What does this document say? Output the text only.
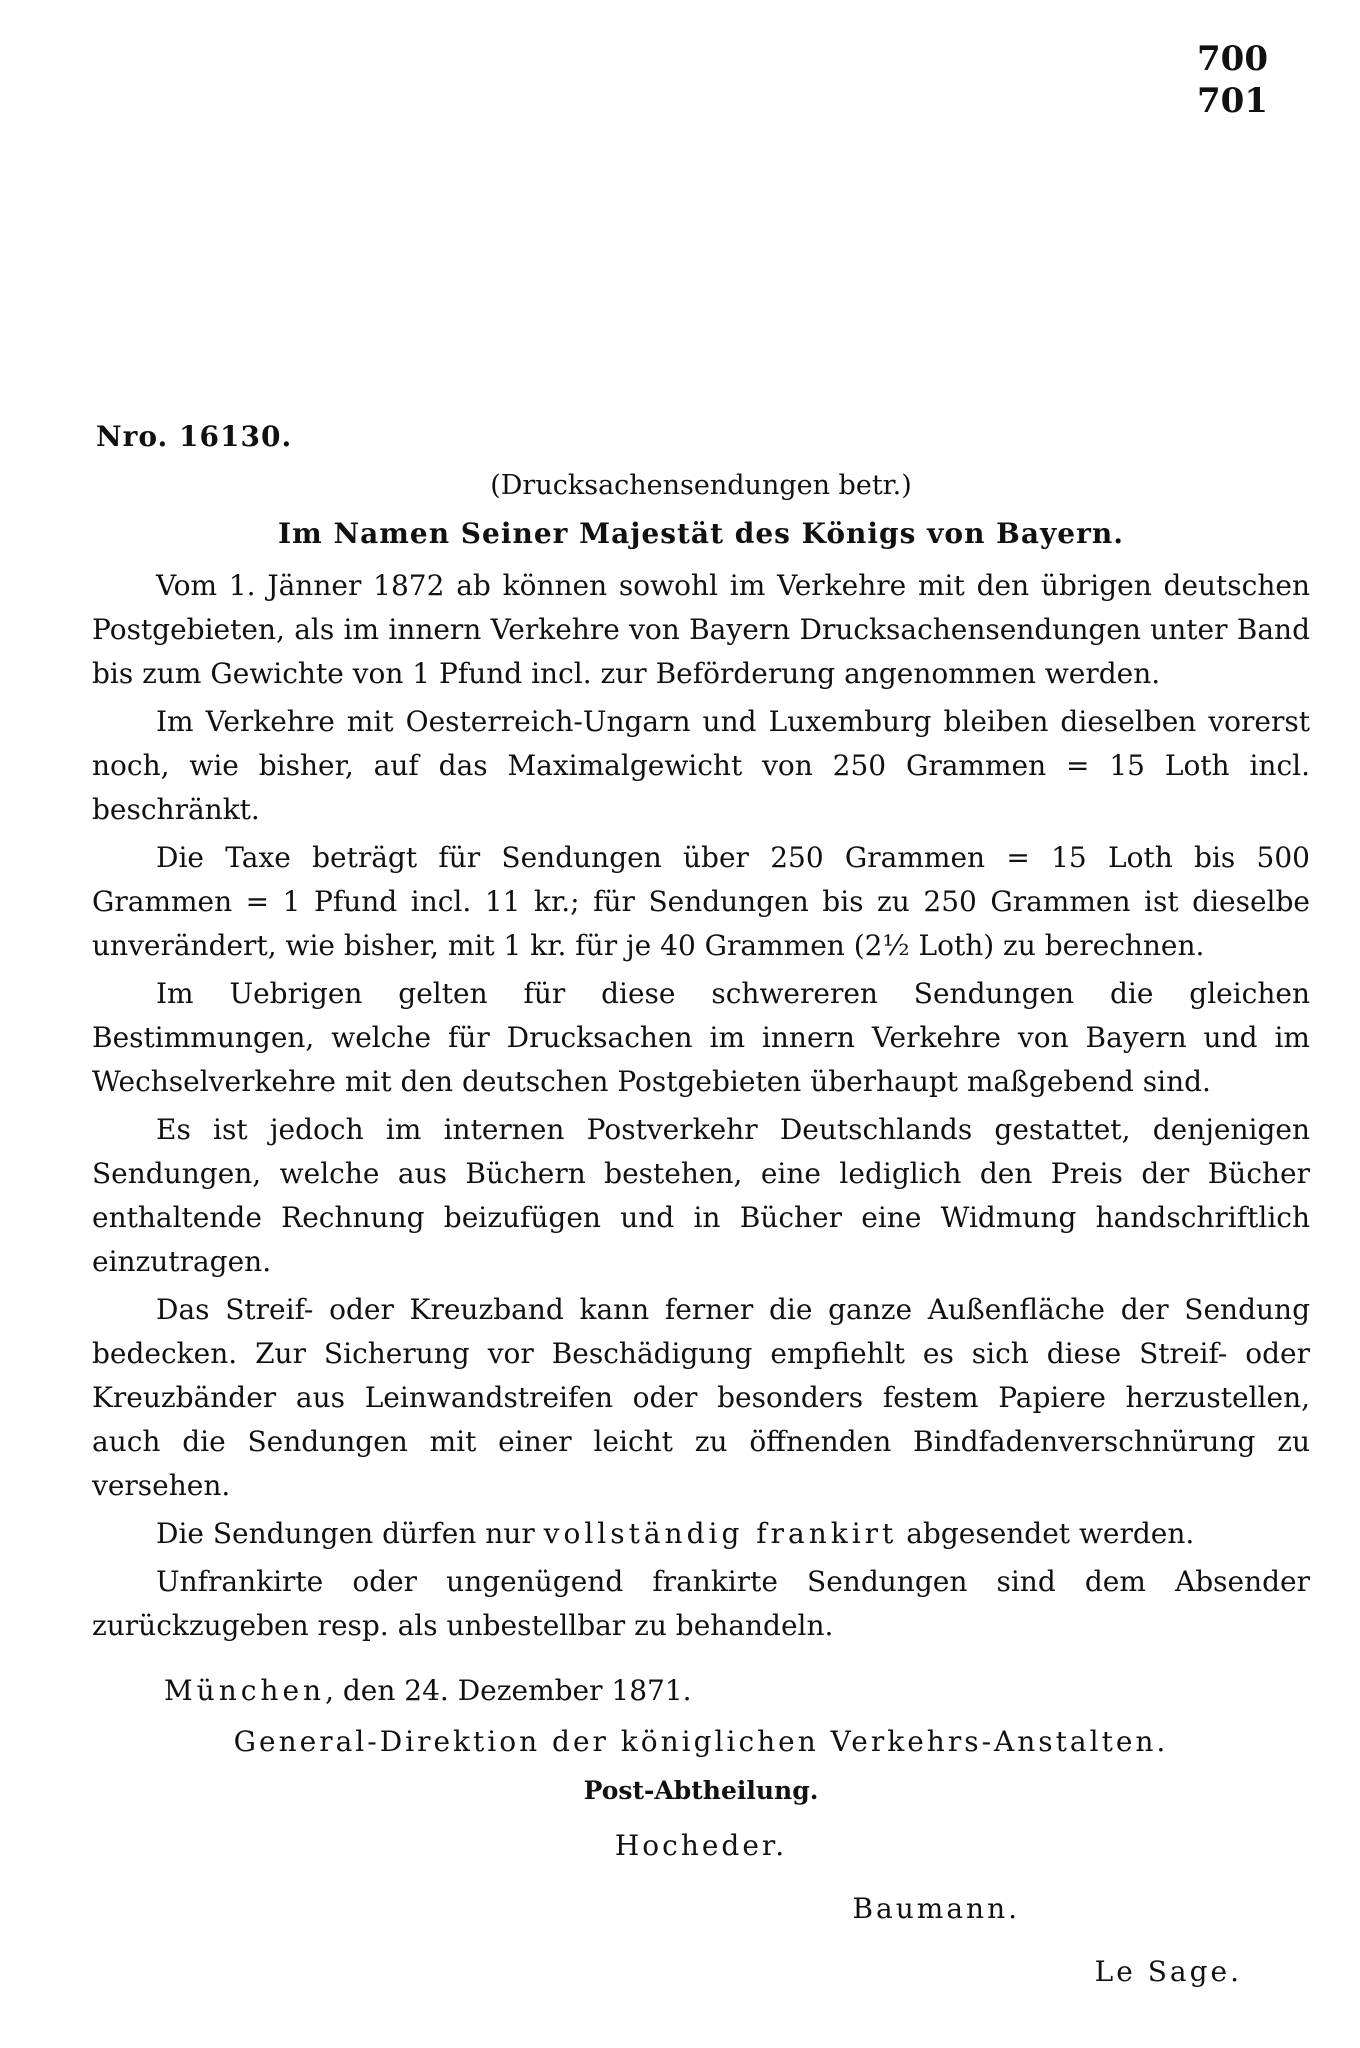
700
701
Nro. 16130.
(Drucksachensendungen betr.)
Im Namen Seiner Majestät des Königs von Bayern.

Vom 1. Jänner 1872 ab können sowohl im Verkehre mit den übrigen deutschen Postgebieten, als im innern Verkehre von Bayern Drucksachensendungen unter Band bis zum Gewichte von 1 Pfund incl. zur Beförderung angenommen werden.

Im Verkehre mit Oesterreich-Ungarn und Luxemburg bleiben dieselben vorerst noch, wie bisher, auf das Maximalgewicht von 250 Grammen = 15 Loth incl. beschränkt.

Die Taxe beträgt für Sendungen über 250 Grammen = 15 Loth bis 500 Grammen = 1 Pfund incl. 11 kr.; für Sendungen bis zu 250 Grammen ist dieselbe unverändert, wie bisher, mit 1 kr. für je 40 Grammen (2½ Loth) zu berechnen.

Im Uebrigen gelten für diese schwereren Sendungen die gleichen Bestimmungen, welche für Drucksachen im innern Verkehre von Bayern und im Wechselverkehre mit den deutschen Postgebieten überhaupt maßgebend sind.

Es ist jedoch im internen Postverkehr Deutschlands gestattet, denjenigen Sendungen, welche aus Büchern bestehen, eine lediglich den Preis der Bücher enthaltende Rechnung beizufügen und in Bücher eine Widmung handschriftlich einzutragen.

Das Streif- oder Kreuzband kann ferner die ganze Außenfläche der Sendung bedecken. Zur Sicherung vor Beschädigung empfiehlt es sich diese Streif- oder Kreuzbänder aus Leinwandstreifen oder besonders festem Papiere herzustellen, auch die Sendungen mit einer leicht zu öffnenden Bindfadenverschnürung zu versehen.

Die Sendungen dürfen nur vollständig frankirt abgesendet werden.

Unfrankirte oder ungenügend frankirte Sendungen sind dem Absender zurückzugeben resp. als unbestellbar zu behandeln.

München, den 24. Dezember 1871.
General-Direktion der königlichen Verkehrs-Anstalten.
Post-Abtheilung.
Hocheder.
Baumann.
Le Sage.
